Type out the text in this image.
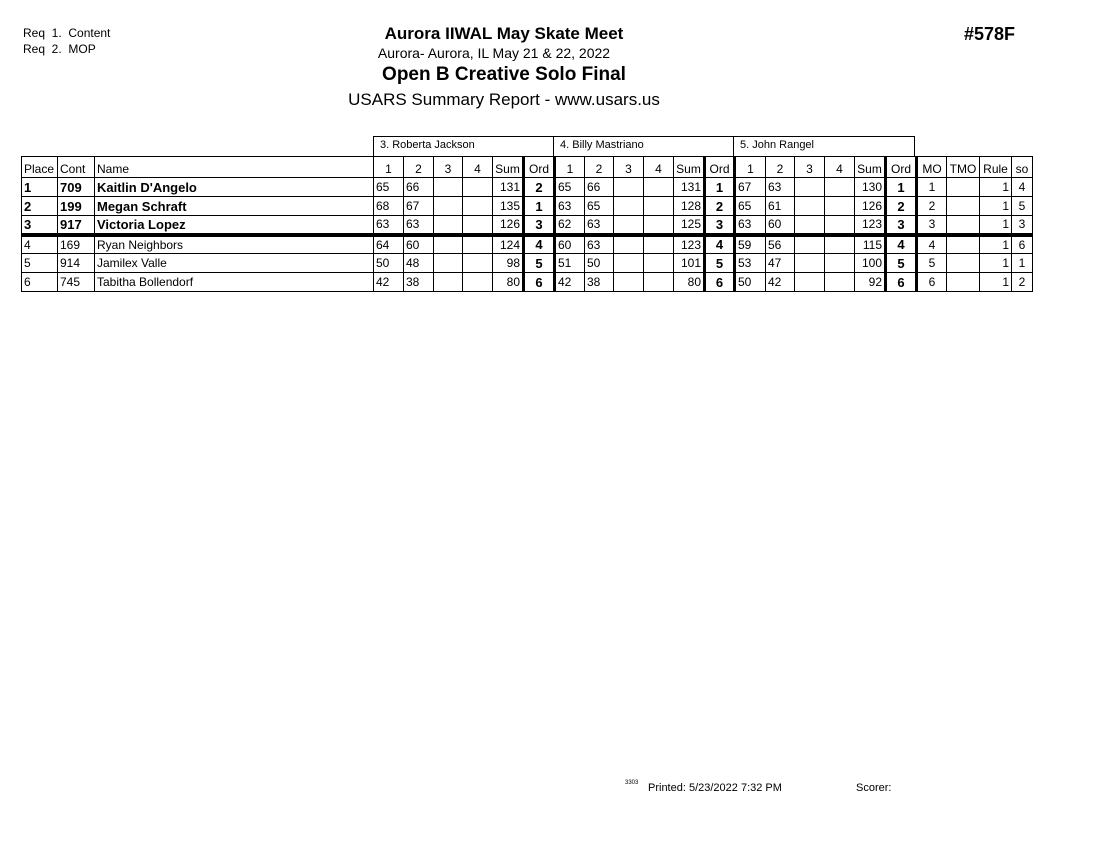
Req  1.  Content
Req  2.  MOP
Aurora IIWAL May Skate Meet
Aurora- Aurora, IL May 21 & 22, 2022
Open B Creative Solo Final
USARS Summary Report - www.usars.us
#578F
3. Roberta Jackson	4. Billy Mastriano	5. John Rangel
Place	Cont	Name	1	2	3	4	Sum	Ord	1	2	3	4	Sum	Ord	1	2	3	4	Sum	Ord	MO	TMO	Rule	so
1	709	Kaitlin D'Angelo	65	66			131	2	65	66			131	1	67	63			130	1	1		1	4
2	199	Megan Schraft	68	67			135	1	63	65			128	2	65	61			126	2	2		1	5
3	917	Victoria Lopez	63	63			126	3	62	63			125	3	63	60			123	3	3		1	3
4	169	Ryan Neighbors	64	60			124	4	60	63			123	4	59	56			115	4	4		1	6
5	914	Jamilex Valle	50	48			98	5	51	50			101	5	53	47			100	5	5		1	1
6	745	Tabitha Bollendorf	42	38			80	6	42	38			80	6	50	42			92	6	6		1	2
3303 Printed: 5/23/2022 7:32 PM	Scorer:
